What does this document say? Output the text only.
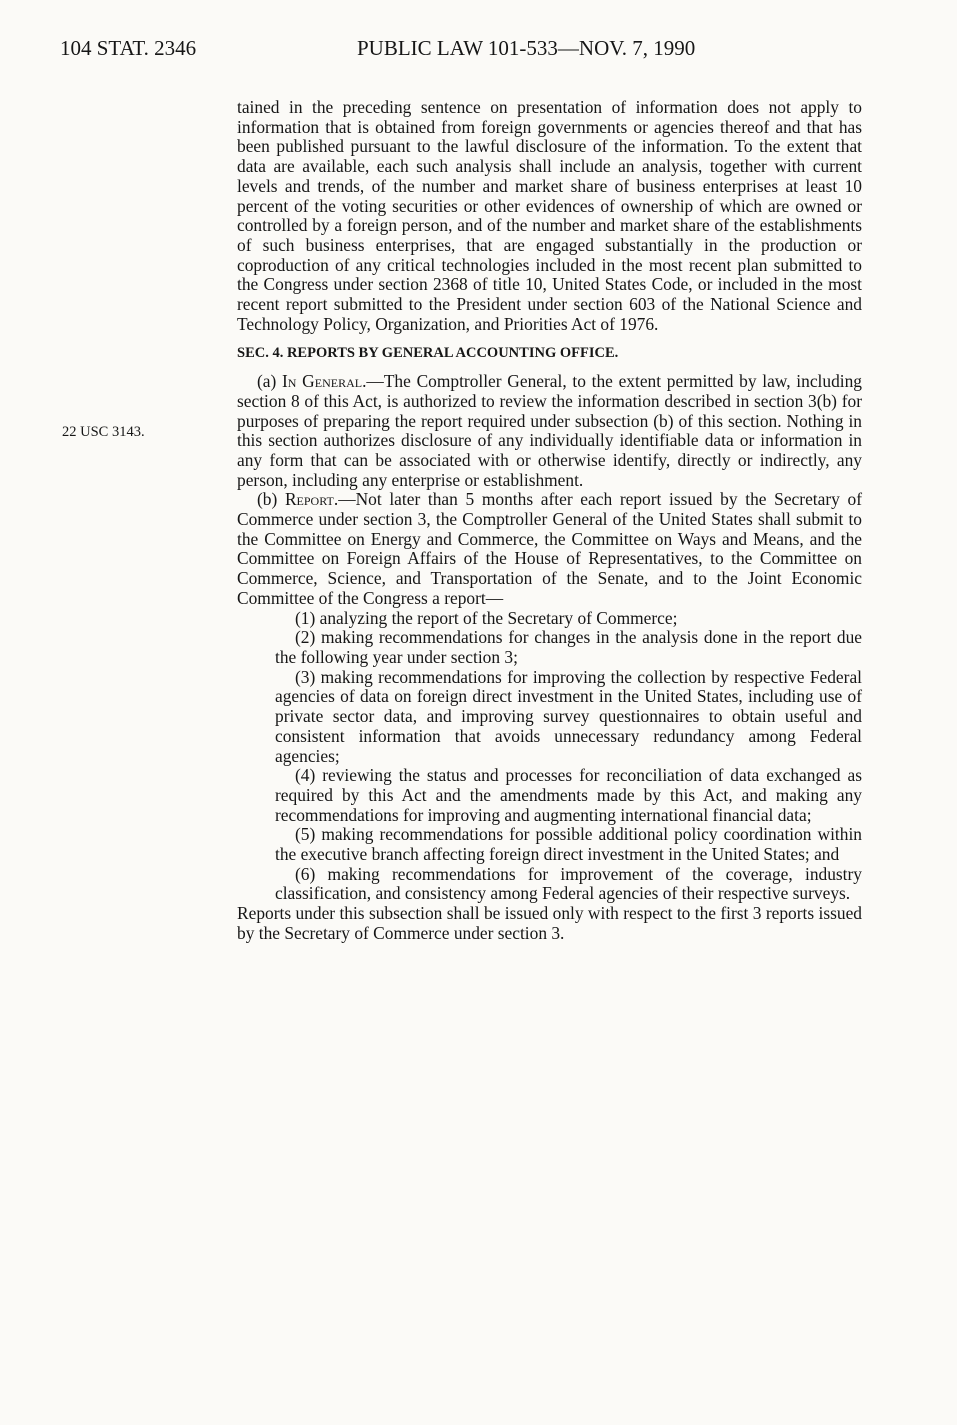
104 STAT. 2346	PUBLIC LAW 101-533—NOV. 7, 1990
22 USC 3143.

tained in the preceding sentence on presentation of information does not apply to information that is obtained from foreign governments or agencies thereof and that has been published pursuant to the lawful disclosure of the information. To the extent that data are available, each such analysis shall include an analysis, together with current levels and trends, of the number and market share of business enterprises at least 10 percent of the voting securities or other evidences of ownership of which are owned or controlled by a foreign person, and of the number and market share of the establishments of such business enterprises, that are engaged substantially in the production or coproduction of any critical technologies included in the most recent plan submitted to the Congress under section 2368 of title 10, United States Code, or included in the most recent report submitted to the President under section 603 of the National Science and Technology Policy, Organization, and Priorities Act of 1976.

SEC. 4. REPORTS BY GENERAL ACCOUNTING OFFICE.

(a) In General.—The Comptroller General, to the extent permitted by law, including section 8 of this Act, is authorized to review the information described in section 3(b) for purposes of preparing the report required under subsection (b) of this section. Nothing in this section authorizes disclosure of any individually identifiable data or information in any form that can be associated with or otherwise identify, directly or indirectly, any person, including any enterprise or establishment.

(b) Report.—Not later than 5 months after each report issued by the Secretary of Commerce under section 3, the Comptroller General of the United States shall submit to the Committee on Energy and Commerce, the Committee on Ways and Means, and the Committee on Foreign Affairs of the House of Representatives, to the Committee on Commerce, Science, and Transportation of the Senate, and to the Joint Economic Committee of the Congress a report—

(1) analyzing the report of the Secretary of Commerce;

(2) making recommendations for changes in the analysis done in the report due the following year under section 3;

(3) making recommendations for improving the collection by respective Federal agencies of data on foreign direct investment in the United States, including use of private sector data, and improving survey questionnaires to obtain useful and consistent information that avoids unnecessary redundancy among Federal agencies;

(4) reviewing the status and processes for reconciliation of data exchanged as required by this Act and the amendments made by this Act, and making any recommendations for improving and augmenting international financial data;

(5) making recommendations for possible additional policy coordination within the executive branch affecting foreign direct investment in the United States; and

(6) making recommendations for improvement of the coverage, industry classification, and consistency among Federal agencies of their respective surveys.

Reports under this subsection shall be issued only with respect to the first 3 reports issued by the Secretary of Commerce under section 3.
